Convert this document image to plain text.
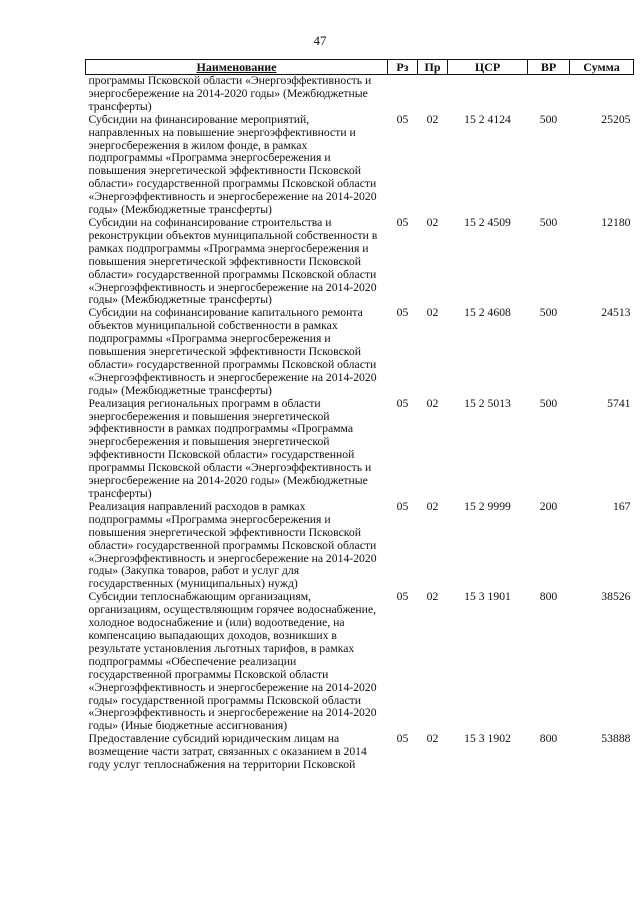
47
Наименование	Рз	Пр	ЦСР	ВР	Сумма
программы Псковской области «Энергоэффективность и энергосбережение на 2014-2020 годы» (Межбюджетные трансферты)					
Субсидии на финансирование мероприятий, направленных на повышение энергоэффективности и энергосбережения в жилом фонде, в рамках подпрограммы «Программа энергосбережения и повышения энергетической эффективности Псковской области» государственной программы Псковской области «Энергоэффективность и энергосбережение на 2014-2020 годы» (Межбюджетные трансферты)	05	02	15 2 4124	500	25205
Субсидии на софинансирование строительства и реконструкции объектов муниципальной собственности в рамках подпрограммы «Программа энергосбережения и повышения энергетической эффективности Псковской области» государственной программы Псковской области «Энергоэффективность и энергосбережение на 2014-2020 годы» (Межбюджетные трансферты)	05	02	15 2 4509	500	12180
Субсидии на софинансирование капитального ремонта объектов муниципальной собственности в рамках подпрограммы «Программа энергосбережения и повышения энергетической эффективности Псковской области» государственной программы Псковской области «Энергоэффективность и энергосбережение на 2014-2020 годы» (Межбюджетные трансферты)	05	02	15 2 4608	500	24513
Реализация региональных программ в области энергосбережения и повышения энергетической эффективности в рамках подпрограммы «Программа энергосбережения и повышения энергетической эффективности Псковской области» государственной программы Псковской области «Энергоэффективность и энергосбережение на 2014-2020 годы» (Межбюджетные трансферты)	05	02	15 2 5013	500	5741
Реализация направлений расходов в рамках подпрограммы «Программа энергосбережения и повышения энергетической эффективности Псковской области» государственной программы Псковской области «Энергоэффективность и энергосбережение на 2014-2020 годы» (Закупка товаров, работ и услуг для государственных (муниципальных) нужд)	05	02	15 2 9999	200	167
Субсидии теплоснабжающим организациям, организациям, осуществляющим горячее водоснабжение, холодное водоснабжение и (или) водоотведение, на компенсацию выпадающих доходов, возникших в результате установления льготных тарифов, в рамках подпрограммы «Обеспечение реализации государственной программы Псковской области «Энергоэффективность и энергосбережение на 2014-2020 годы» государственной программы Псковской области «Энергоэффективность и энергосбережение на 2014-2020 годы» (Иные бюджетные ассигнования)	05	02	15 3 1901	800	38526
Предоставление субсидий юридическим лицам на возмещение части затрат, связанных с оказанием в 2014 году услуг теплоснабжения на территории Псковской	05	02	15 3 1902	800	53888
